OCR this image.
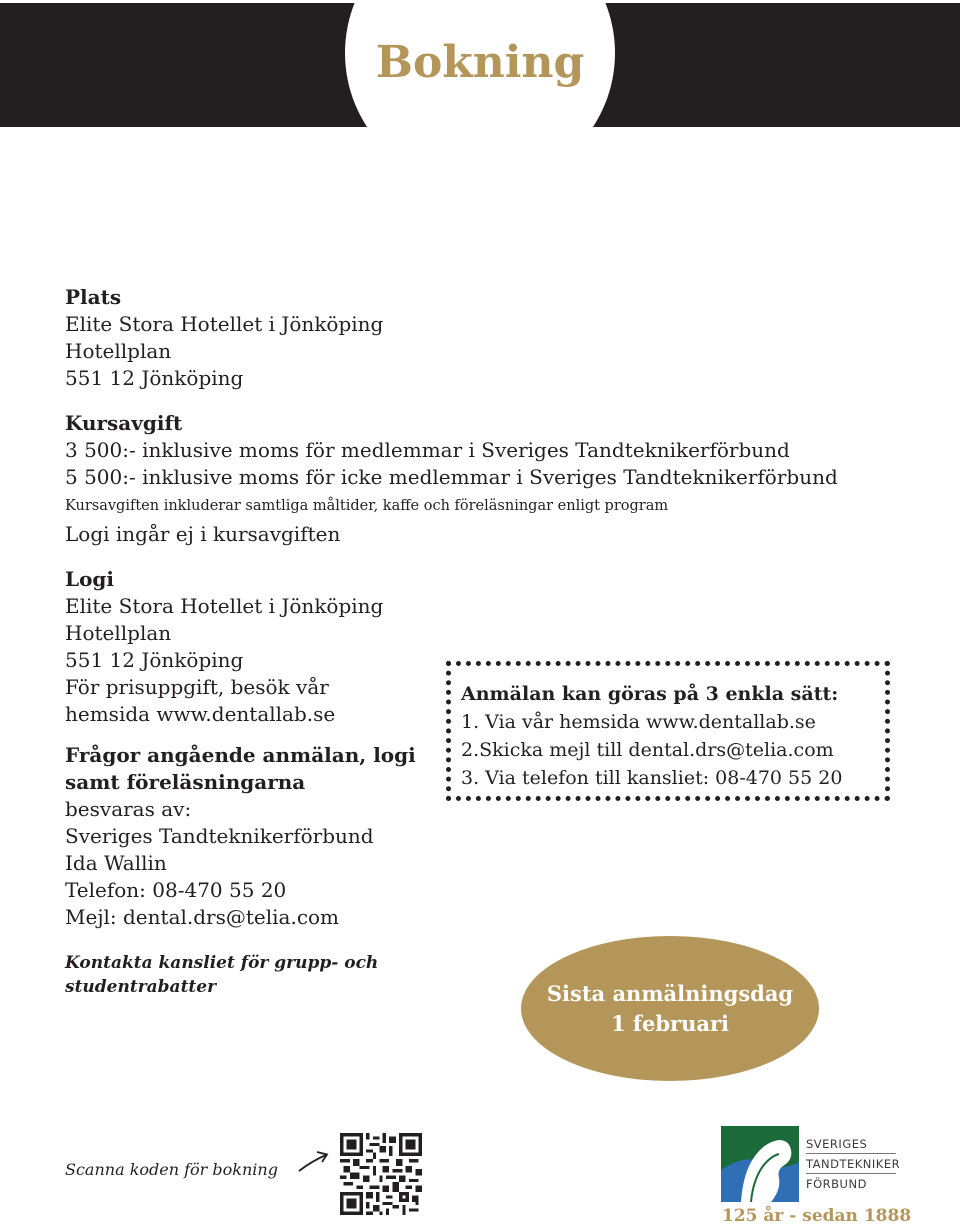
Bokning

Plats

Elite Stora Hotellet i Jönköping

Hotellplan

551 12 Jönköping

Kursavgift

3 500:- inklusive moms för medlemmar i Sveriges Tandteknikerförbund

5 500:- inklusive moms för icke medlemmar i Sveriges Tandteknikerförbund

Kursavgiften inkluderar samtliga måltider, kaffe och föreläsningar enligt program

Logi ingår ej i kursavgiften

Logi

Elite Stora Hotellet i Jönköping

Hotellplan

551 12 Jönköping

För prisuppgift, besök vår

hemsida www.dentallab.se

Frågor angående anmälan, logi

samt föreläsningarna

besvaras av:

Sveriges Tandteknikerförbund

Ida Wallin

Telefon: 08-470 55 20

Mejl: dental.drs@telia.com

Anmälan kan göras på 3 enkla sätt:

1. Via vår hemsida www.dentallab.se

2.Skicka mejl till dental.drs@telia.com

3. Via telefon till kansliet: 08-470 55 20

Kontakta kansliet för grupp- och
studentrabatter	Sista anmälningsdag
1 februari

Scanna koden för bokning

SVERIGES

TANDTEKNIKER

FÖRBUND

125 år - sedan 1888
